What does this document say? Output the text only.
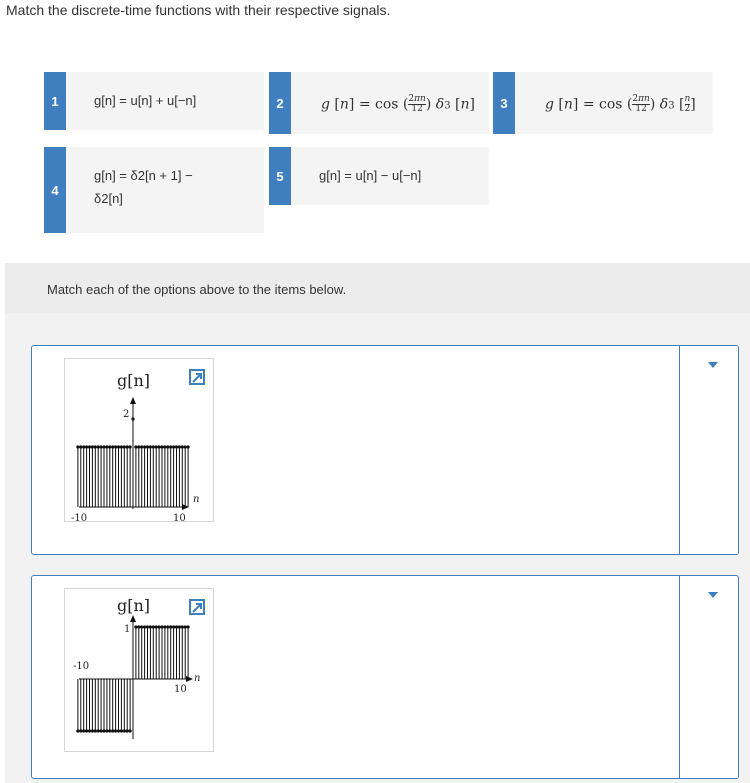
Match the discrete-time functions with their respective signals.
1	g[n] = u[n] + u[−n]	2	g [n] = cos ( $\frac{2\pi n}{12}$ ) δ3 [n]	3	g [n] = cos ( $\frac{2\pi n}{12}$ ) δ3 [ $\frac{n}{2}$ ]
4
g[n] = δ2[n + 1] −
δ2[n]
5	g[n] = u[n] − u[−n]
Match each of the options above to the items below.
g[n]
2
n
-10	10
g[n]
1
n
-10
10
